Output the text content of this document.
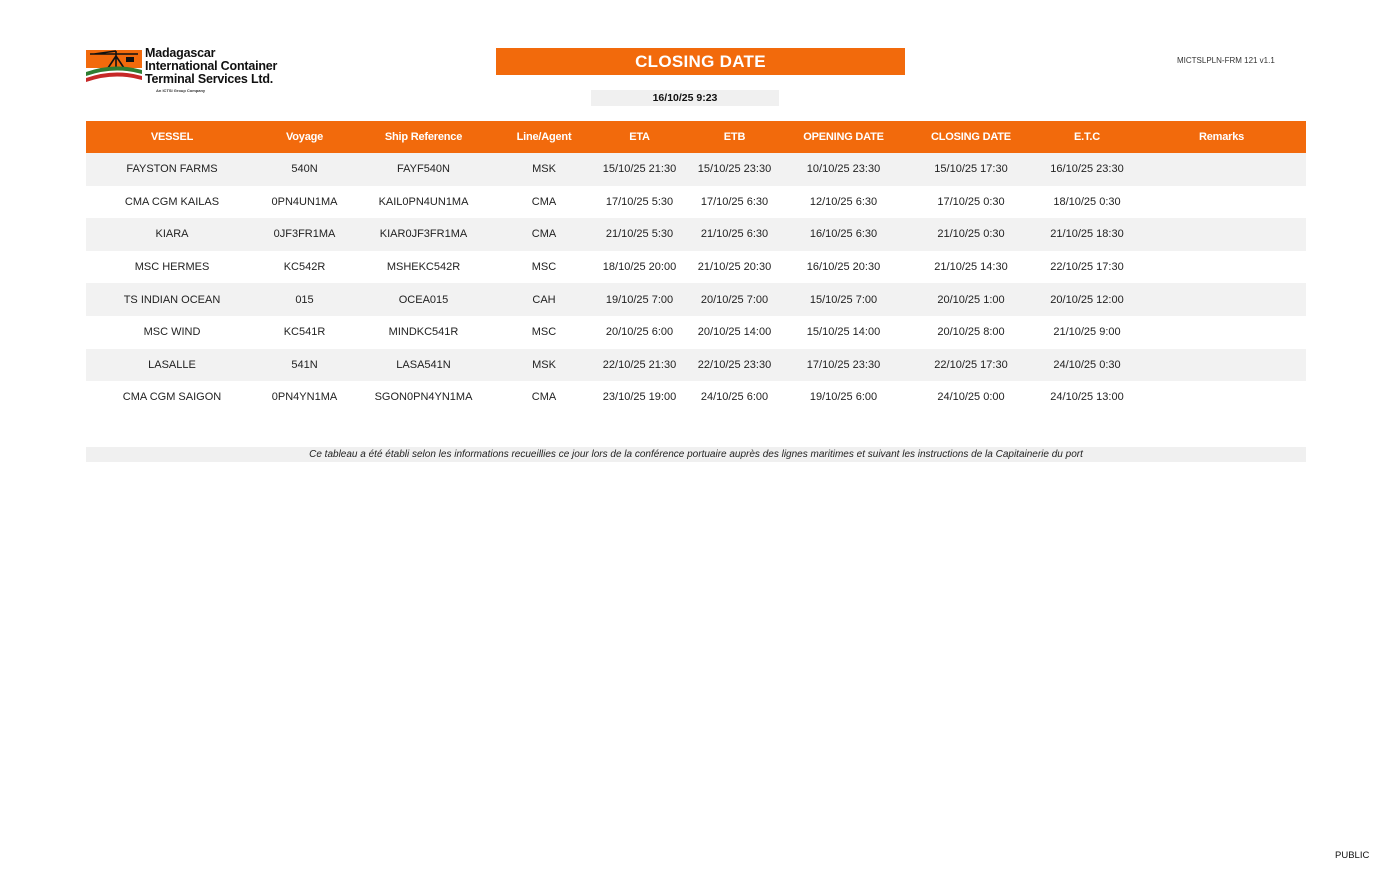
Madagascar
International Container
Terminal Services Ltd.
An ICTSI Group Company
CLOSING DATE	MICTSLPLN-FRM 121 v1.1
16/10/25 9:23
VESSEL	Voyage	Ship Reference	Line/Agent	ETA	ETB	OPENING DATE	CLOSING DATE	E.T.C	Remarks
FAYSTON FARMS	540N	FAYF540N	MSK	15/10/25 21:30	15/10/25 23:30	10/10/25 23:30	15/10/25 17:30	16/10/25 23:30	
CMA CGM KAILAS	0PN4UN1MA	KAIL0PN4UN1MA	CMA	17/10/25 5:30	17/10/25 6:30	12/10/25 6:30	17/10/25 0:30	18/10/25 0:30	
KIARA	0JF3FR1MA	KIAR0JF3FR1MA	CMA	21/10/25 5:30	21/10/25 6:30	16/10/25 6:30	21/10/25 0:30	21/10/25 18:30	
MSC HERMES	KC542R	MSHEKC542R	MSC	18/10/25 20:00	21/10/25 20:30	16/10/25 20:30	21/10/25 14:30	22/10/25 17:30	
TS INDIAN OCEAN	015	OCEA015	CAH	19/10/25 7:00	20/10/25 7:00	15/10/25 7:00	20/10/25 1:00	20/10/25 12:00	
MSC WIND	KC541R	MINDKC541R	MSC	20/10/25 6:00	20/10/25 14:00	15/10/25 14:00	20/10/25 8:00	21/10/25 9:00	
LASALLE	541N	LASA541N	MSK	22/10/25 21:30	22/10/25 23:30	17/10/25 23:30	22/10/25 17:30	24/10/25 0:30	
CMA CGM SAIGON	0PN4YN1MA	SGON0PN4YN1MA	CMA	23/10/25 19:00	24/10/25 6:00	19/10/25 6:00	24/10/25 0:00	24/10/25 13:00	
Ce tableau a été établi selon les informations recueillies ce jour lors de la conférence portuaire auprès des lignes maritimes et suivant les instructions de la Capitainerie du port
PUBLIC
